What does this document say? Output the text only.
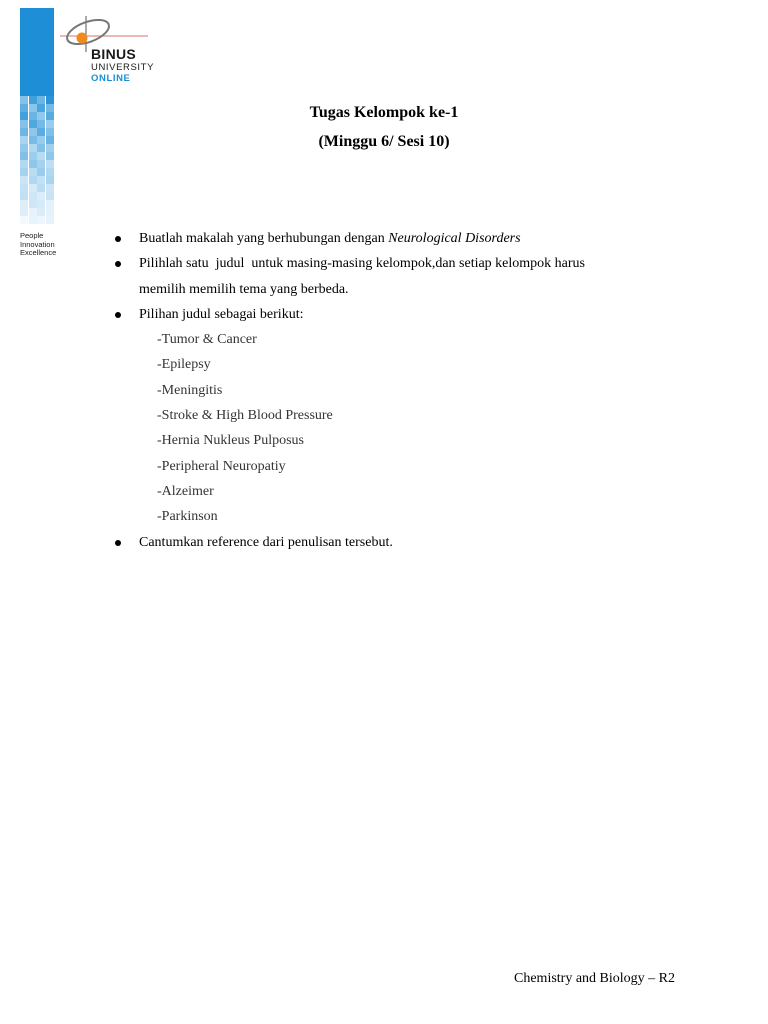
BINUS
UNIVERSITY
ONLINE
People
Innovation
Excellence
Tugas Kelompok ke-1
(Minggu 6/ Sesi 10)
Buatlah makalah yang berhubungan dengan Neurological Disorders
Pilihlah satu  judul  untuk masing-masing kelompok,dan setiap kelompok harus
memilih memilih tema yang berbeda.
Pilihan judul sebagai berikut:
-Tumor & Cancer
-Epilepsy
-Meningitis
-Stroke & High Blood Pressure
-Hernia Nukleus Pulposus
-Peripheral Neuropatiy
-Alzeimer
-Parkinson
Cantumkan reference dari penulisan tersebut.
Chemistry and Biology – R2
